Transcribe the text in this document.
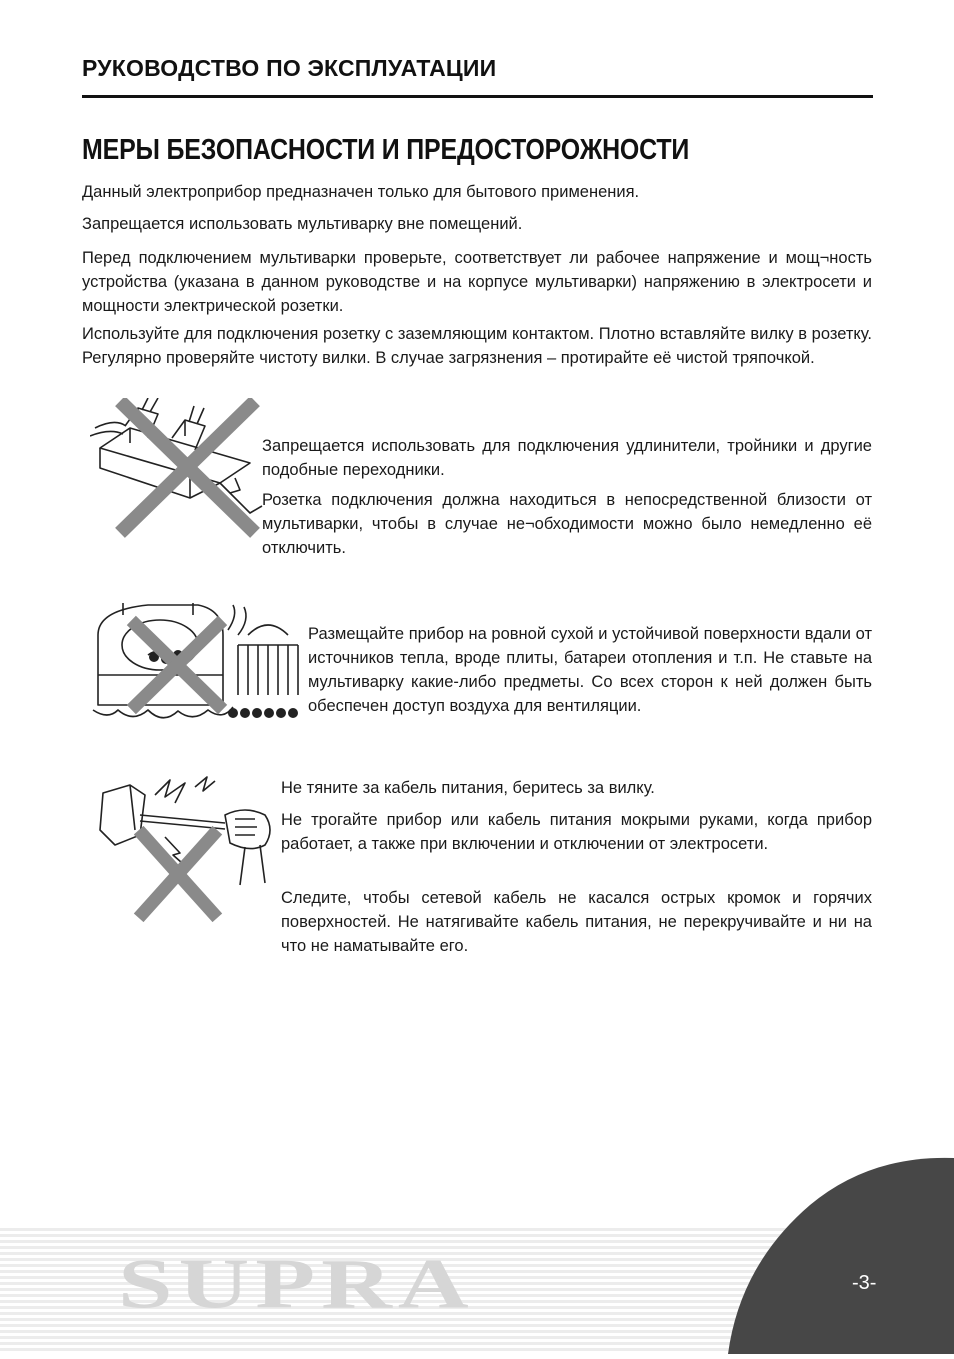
РУКОВОДСТВО ПО ЭКСПЛУАТАЦИИ
МЕРЫ БЕЗОПАСНОСТИ И ПРЕДОСТОРОЖНОСТИ

Данный электроприбор предназначен только для бытового применения.

Запрещается использовать мультиварку вне помещений.

Перед подключением мультиварки проверьте, соответствует ли рабочее напряжение и мощ¬ность устройства (указана в данном руководстве и на корпусе мультиварки) напряжению в электросети и мощности электрической розетки.

Используйте для подключения розетку с заземляющим контактом. Плотно вставляйте вилку в розетку. Регулярно проверяйте чистоту вилки. В случае загрязнения – протирайте её чистой тряпочкой.

Запрещается использовать для подключения удлинители, тройники и другие подобные переходники.

Розетка подключения должна находиться в непосредственной близости от мультиварки, чтобы в случае не¬обходимости можно было немедленно её отключить.

Размещайте прибор на ровной сухой и устойчивой поверхности вдали от источников тепла, вроде плиты, батареи отопления и т.п. Не ставьте на мультиварку какие-либо предметы. Со всех сторон к ней должен быть обеспечен доступ воздуха для вентиляции.

Не тяните за кабель питания, беритесь за вилку.

Не трогайте прибор или кабель питания мокрыми руками, когда прибор работает, а также при включении и отключении от электросети.

Следите, чтобы сетевой кабель не касался острых кромок и горячих поверхностей. Не натягивайте кабель питания, не перекручивайте и ни на что не наматывайте его.

SUPRA	-3-
